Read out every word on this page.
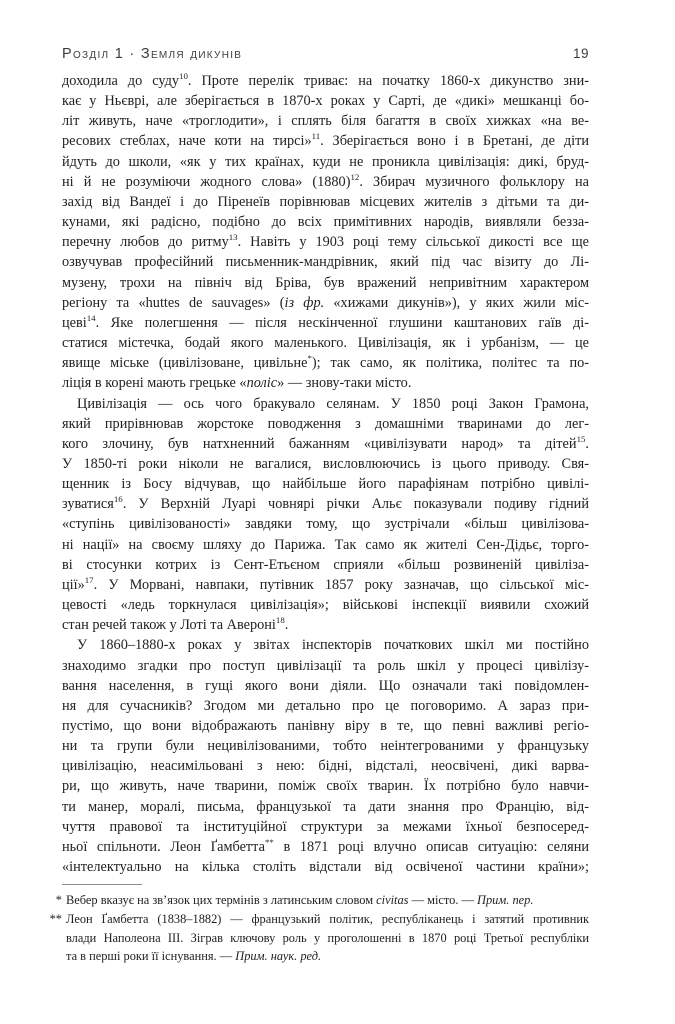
Розділ 1 · Земля дикунів	19
доходила до суду$^{10}$. Проте перелік триває: на початку 1860-х дикунство зни-
кає у Ньєврі, але зберігається в 1870-х роках у Сарті, де «дикі» мешканці бо-
літ живуть, наче «троглодити», і сплять біля багаття в своїх хижках «на ве-
ресових стеблах, наче коти на тирсі»$^{11}$. Зберігається воно і в Бретані, де діти
йдуть до школи, «як у тих країнах, куди не проникла цивілізація: дикі, бруд-
ні й не розуміючи жодного слова» $(1880)^{12}$. Збирач музичного фольклору на
захід від Вандеї і до Піренеїв порівнював місцевих жителів з дітьми та ди-
кунами, які радісно, подібно до всіх примітивних народів, виявляли безза-
перечну любов до ритму$^{13}$. Навіть у 1903 році тему сільської дикості все ще
озвучував професійний письменник-мандрівник, який під час візиту до Лі-
музену, трохи на північ від Бріва, був вражений непривітним характером
регіону та «huttes de sauvages» (із фр. «хижами дикунів»), у яких жили міс-
цеві$^{14}$. Яке полегшення — після нескінченної глушини каштанових гаїв ді-
статися містечка, бодай якого маленького. Цивілізація, як і урбанізм, — це
явище міське (цивілізоване, цивільне*); так само, як політика, політес та по-
ліція в корені мають грецьке «поліс» — знову-таки місто.
Цивілізація — ось чого бракувало селянам. У 1850 році Закон Грамона,
який прирівнював жорстоке поводження з домашніми тваринами до лег-
кого злочину, був натхненний бажанням «цивілізувати народ» та дітей$^{15}$.
У 1850-ті роки ніколи не вагалися, висловлюючись із цього приводу. Свя-
щенник із Босу відчував, що найбільше його парафіянам потрібно цивілі-
зуватися$^{16}$. У Верхній Луарі човнярі річки Альє показували подиву гідний
«ступінь цивілізованості» завдяки тому, що зустрічали «більш цивілізова-
ні нації» на своєму шляху до Парижа. Так само як жителі Сен-Дідьє, торго-
ві стосунки котрих із Сент-Етьєном сприяли «більш розвиненій цивіліза-
ції»$^{17}$. У Морвані, навпаки, путівник 1857 року зазначав, що сільської міс-
цевості «ледь торкнулася цивілізація»; військові інспекції виявили схожий
стан речей також у Лоті та Авероні$^{18}$.
У 1860–1880-х роках у звітах інспекторів початкових шкіл ми постійно
знаходимо згадки про поступ цивілізації та роль шкіл у процесі цивілізу-
вання населення, в гущі якого вони діяли. Що означали такі повідомлен-
ня для сучасників? Згодом ми детально про це поговоримо. А зараз при-
пустімо, що вони відображають панівну віру в те, що певні важливі регіо-
ни та групи були нецивілізованими, тобто неінтегрованими у французьку
цивілізацію, неасимільовані з нею: бідні, відсталі, неосвічені, дикі варва-
ри, що живуть, наче тварини, поміж своїх тварин. Їх потрібно було навчи-
ти манер, моралі, письма, французької та дати знання про Францію, від-
чуття правової та інституційної структури за межами їхньої безпосеред-
ньої спільноти. Леон Ґамбетта** в 1871 році влучно описав ситуацію: селяни
«інтелектуально на кілька століть відстали від освіченої частини країни»;
* Вебер вказує на зв’язок цих термінів з латинським словом civitas — місто. — Прим. пер.
** Леон Ґамбетта (1838–1882) — французький політик, республіканець і затятий противник
влади Наполеона III. Зіграв ключову роль у проголошенні в 1870 році Третьої республіки
та в перші роки її існування. — Прим. наук. ред.
